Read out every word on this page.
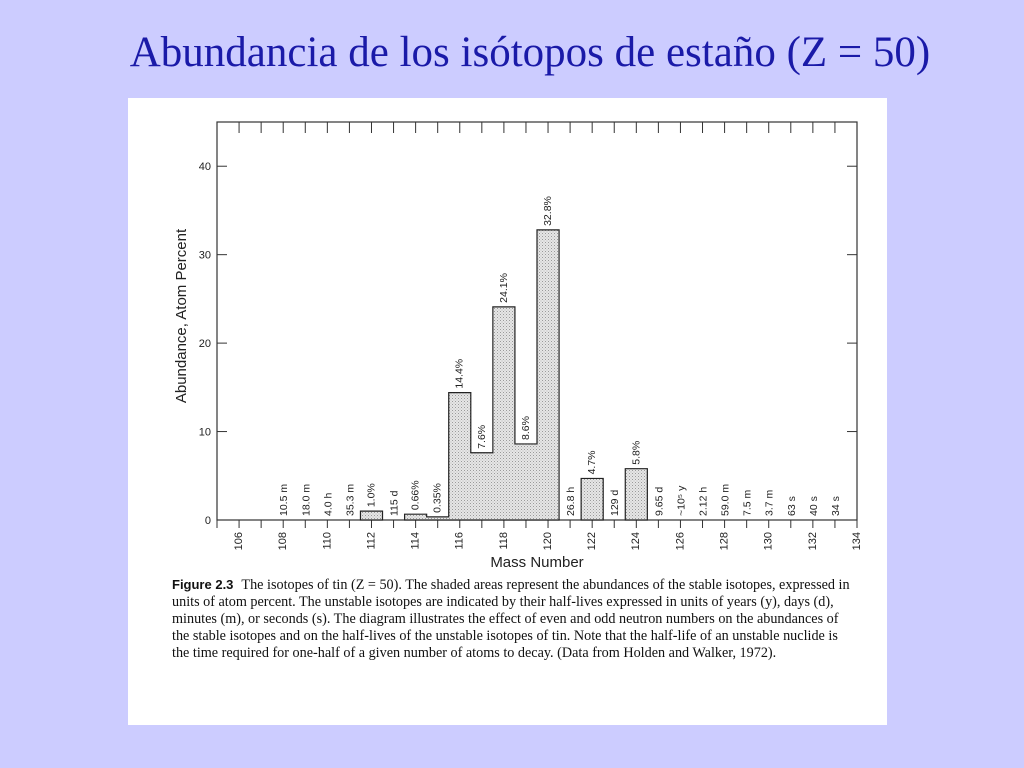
Abundancia de los isótopos de estaño (Z = 50)
106	108	110	112	114	116	118	120	122	124	126	128	130	132	134
0
10
20
30
40
1.0%	0.66% 0.35%
14.4%
7.6%
24.1%
8.6%
32.8%
4.7%	5.8%
10.5 m 18.0 m 4.0 h 35.3 m	115 d	26.8 h	129 d	9.65 d ~10⁵ y 2.12 h 59.0 m 7.5 m 3.7 m 63 s 40 s 34 s
Mass Number
Abundance, Atom Percent
Figure 2.3 The isotopes of tin (Z = 50). The shaded areas represent the abundances of the stable isotopes, expressed in units of atom percent. The unstable isotopes are indicated by their half-lives expressed in units of years (y), days (d), minutes (m), or seconds (s). The diagram illustrates the effect of even and odd neutron numbers on the abundances of the stable isotopes and on the half-lives of the unstable isotopes of tin. Note that the half-life of an unstable nuclide is the time required for one-half of a given number of atoms to decay. (Data from Holden and Walker, 1972).
